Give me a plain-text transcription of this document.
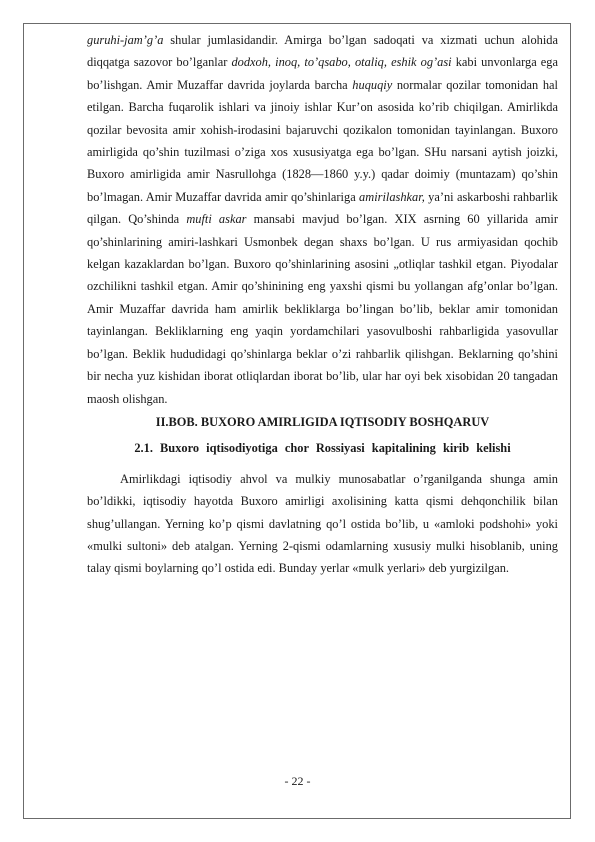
guruhi-jam’g’a shular jumlasidandir. Amirga bo’lgan sadoqati va xizmati uchun alohida diqqatga sazovor bo’lganlar dodxoh, inoq, to’qsabo, otaliq, eshik og’asi kabi unvonlarga ega bo’lishgan. Amir Muzaffar davrida joylarda barcha huquqiy normalar qozilar tomonidan hal etilgan. Barcha fuqarolik ishlari va jinoiy ishlar Kur’on asosida ko’rib chiqilgan. Amirlikda qozilar bevosita amir xohish-irodasini bajaruvchi qozikalon tomonidan tayinlangan. Buxoro amirligida qo’shin tuzilmasi o’ziga xos xususiyatga ega bo’lgan. SHu narsani aytish joizki, Buxoro amirligida amir Nasrullohga (1828—1860 y.y.) qadar doimiy (muntazam) qo’shin bo’lmagan. Amir Muzaffar davrida amir qo’shinlariga amirilashkar, ya’ni askarboshi rahbarlik qilgan. Qo’shinda mufti askar mansabi mavjud bo’lgan. XIX asrning 60 yillarida amir qo’shinlarining amiri-lashkari Usmonbek degan shaxs bo’lgan. U rus armiyasidan qochib kelgan kazaklardan bo’lgan. Buxoro qo’shinlarining asosini „otliqlar tashkil etgan. Piyodalar ozchilikni tashkil etgan. Amir qo’shinining eng yaxshi qismi bu yollangan afg’onlar bo’lgan. Amir Muzaffar davrida ham amirlik bekliklarga bo’lingan bo’lib, beklar amir tomonidan tayinlangan. Bekliklarning eng yaqin yordamchilari yasovulboshi rahbarligida yasovullar bo’lgan. Beklik hududidagi qo’shinlarga beklar o’zi rahbarlik qilishgan. Beklarning qo’shini bir necha yuz kishidan iborat otliqlardan iborat bo’lib, ular har oyi bek xisobidan 20 tangadan maosh olishgan.

II.BOB. BUXORO AMIRLIGIDA IQTISODIY BOSHQARUV

2.1. Buxoro iqtisodiyotiga chor Rossiyasi kapitalining kirib kelishi

Amirlikdagi iqtisodiy ahvol va mulkiy munosabatlar o’rganilganda shunga amin bo’ldikki, iqtisodiy hayotda Buxoro amirligi axolisining katta qismi dehqonchilik bilan shug’ullangan. Yerning ko’p qismi davlatning qo’l ostida bo’lib, u «amloki podshohi» yoki «mulki sultoni» deb atalgan. Yerning 2-qismi odamlarning xususiy mulki hisoblanib, uning talay qismi boylarning qo’l ostida edi. Bunday yerlar «mulk yerlari» deb yurgizilgan.

- 22 -
